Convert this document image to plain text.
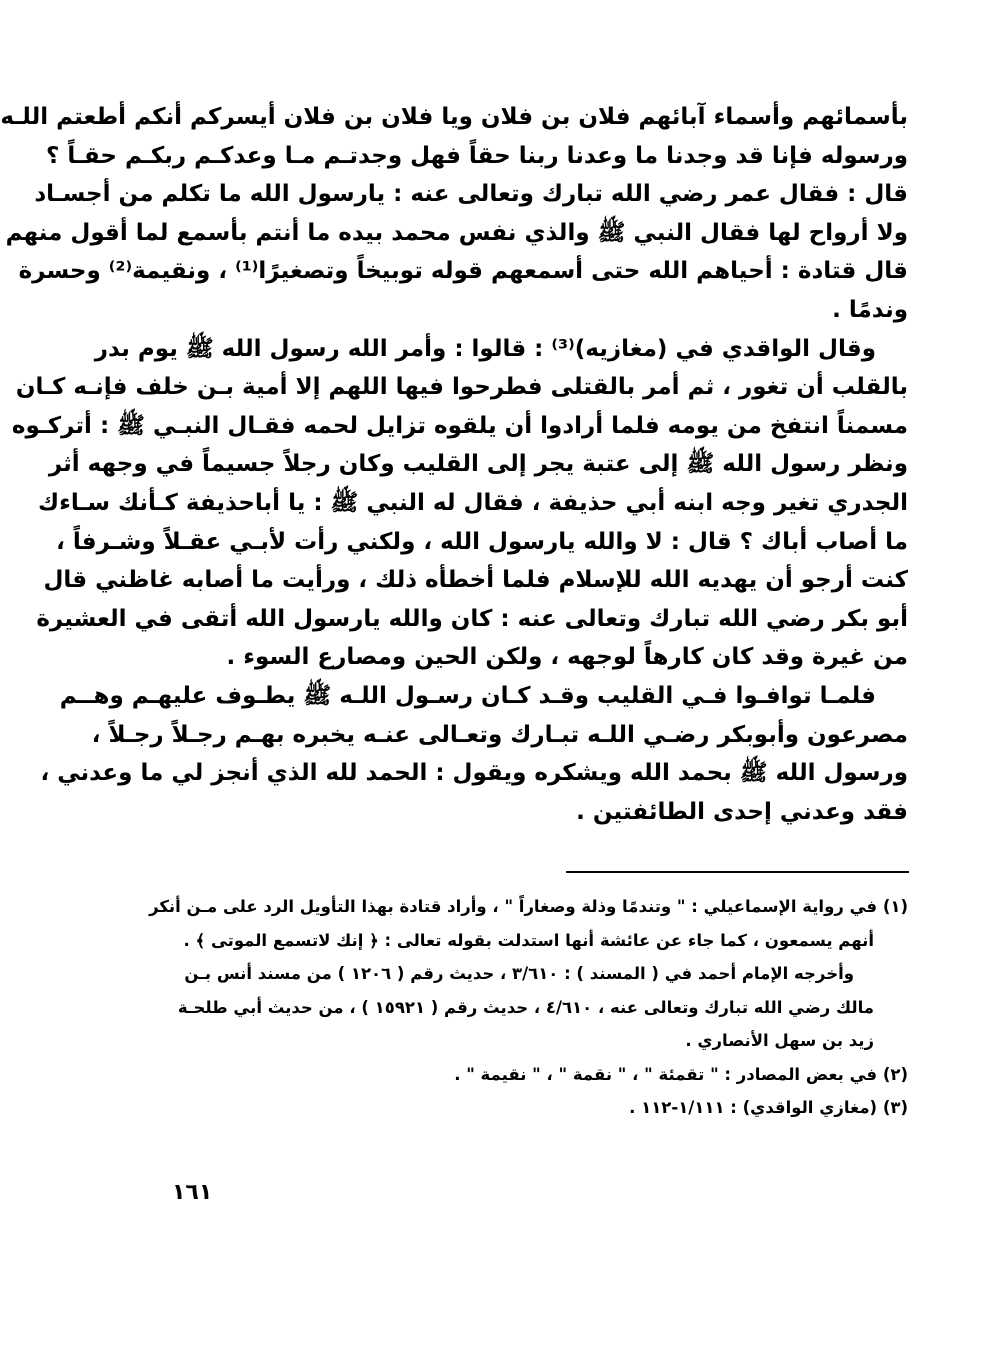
بأسمائهم وأسماء آبائهم فلان بن فلان ويا فلان بن فلان أيسركم أنكم أطعتم اللـه
ورسوله فإنا قد وجدنا ما وعدنا ربنا حقاً فهل وجدتـم مـا وعدكـم ربكـم حقـاً ؟
قال : فقال عمر رضي الله تبارك وتعالى عنه : يارسول الله ما تكلم من أجسـاد
ولا أرواح لها فقال النبي ﷺ والذي نفس محمد بيده ما أنتم بأسمع لما أقول منهم
قال قتادة : أحياهم الله حتى أسمعهم قوله توبيخاً وتصغيرًا⁽¹⁾ ، ونقيمة⁽²⁾ وحسرة
وندمًا .
وقال الواقدي في (مغازيه)⁽³⁾ : قالوا : وأمر الله رسول الله ﷺ يوم بدر
بالقلب أن تغور ، ثم أمر بالقتلى فطرحوا فيها اللهم إلا أمية بـن خلف فإنـه كـان
مسمناً انتفخ من يومه فلما أرادوا أن يلقوه تزايل لحمه فقـال النبـي ﷺ : أتركـوه
ونظر رسول الله ﷺ إلى عتبة يجر إلى القليب وكان رجلاً جسيماً في وجهه أثر
الجدري تغير وجه ابنه أبي حذيفة ، فقال له النبي ﷺ : يا أباحذيفة كـأنك سـاءك
ما أصاب أباك ؟ قال : لا والله يارسول الله ، ولكني رأت لأبـي عقـلاً وشـرفاً ،
كنت أرجو أن يهديه الله للإسلام فلما أخطأه ذلك ، ورأيت ما أصابه غاظني قال
أبو بكر رضي الله تبارك وتعالى عنه : كان والله يارسول الله أتقى في العشيرة
من غيرة وقد كان كارهاً لوجهه ، ولكن الحين ومصارع السوء .
فلمـا توافـوا فـي القليب وقـد كـان رسـول اللـه ﷺ يطـوف عليهـم وهــم
مصرعون وأبوبكر رضـي اللـه تبـارك وتعـالى عنـه يخبره بهـم رجـلاً رجـلاً ،
ورسول الله ﷺ بحمد الله ويشكره ويقول : الحمد لله الذي أنجز لي ما وعدني ،
فقد وعدني إحدى الطائفتين .
(١) في رواية الإسماعيلي : " وتندمًا وذلة وصغاراً " ، وأراد قتادة بهذا التأويل الرد على مـن أنكر
أنهم يسمعون ، كما جاء عن عائشة أنها استدلت بقوله تعالى : ﴿ إنك لاتسمع الموتى ﴾ .
وأخرجه الإمام أحمد في ( المسند ) : ٣/٦١٠ ، حديث رقم ( ١٢٠٦ ) من مسند أنس بـن
مالك رضي الله تبارك وتعالى عنه ، ٤/٦١٠ ، حديث رقم ( ١٥٩٢١ ) ، من حديث أبي طلحـة
زيد بن سهل الأنصاري .
(٢) في بعض المصادر : " تقمئة " ، " نقمة " ، " نقيمة " .
(٣) (مغازي الواقدي) : ١/١١١-١١٢ .
١٦١
